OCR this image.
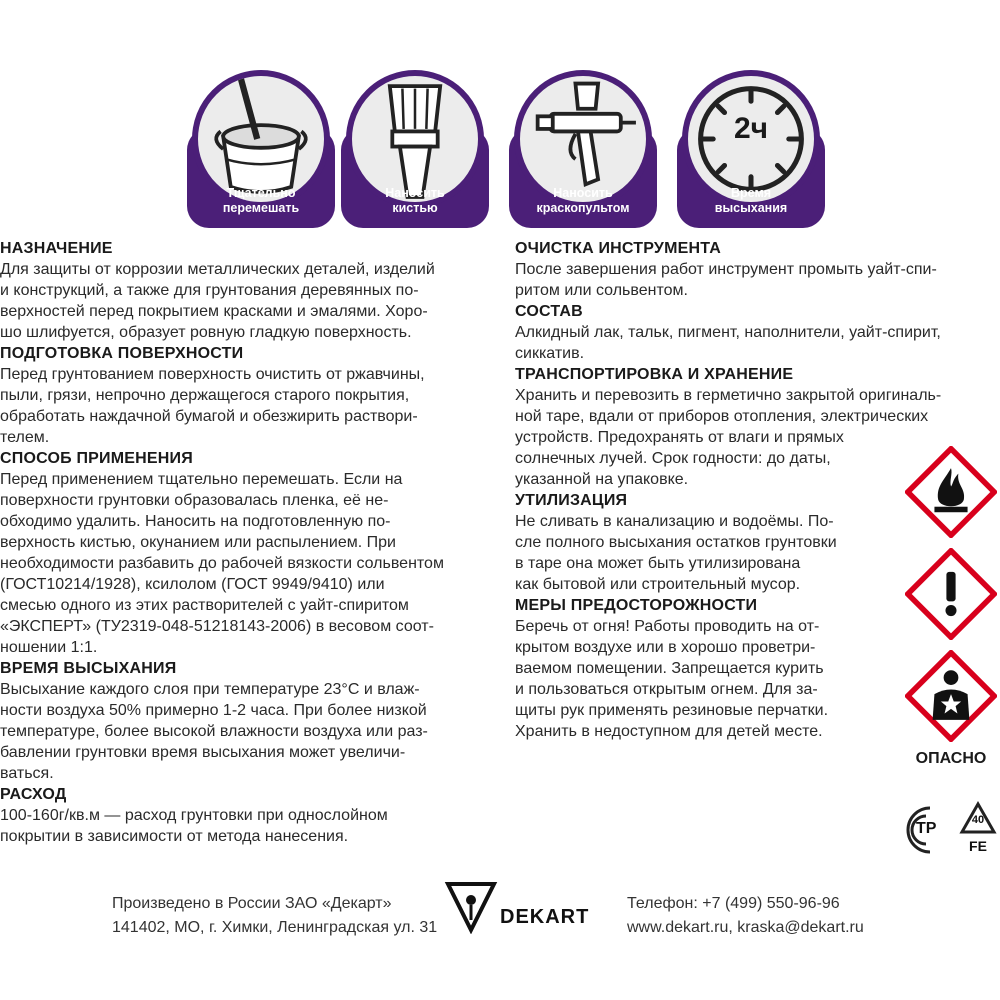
Тщательно
перемешать
Наносить
кистью
Наносить
краскопультом
2ч
Время
высыхания
НАЗНАЧЕНИЕ

Для защиты от коррозии металлических деталей, изделий
и конструкций, а также для грунтования деревянных по-
верхностей перед покрытием красками и эмалями. Хоро-
шо шлифуется, образует ровную гладкую поверхность.

ПОДГОТОВКА ПОВЕРХНОСТИ

Перед грунтованием поверхность очистить от ржавчины,
пыли, грязи, непрочно держащегося старого покрытия,
обработать наждачной бумагой и обезжирить раствори-
телем.

СПОСОБ ПРИМЕНЕНИЯ

Перед применением тщательно перемешать. Если на
поверхности грунтовки образовалась пленка, её не-
обходимо удалить. Наносить на подготовленную по-
верхность кистью, окунанием или распылением. При
необходимости разбавить до рабочей вязкости сольвентом
(ГОСТ10214/1928), ксилолом (ГОСТ 9949/9410) или
смесью одного из этих растворителей с уайт-спиритом
«ЭКСПЕРТ» (ТУ2319-048-51218143-2006) в весовом соот-
ношении 1:1.

ВРЕМЯ ВЫСЫХАНИЯ

Высыхание каждого слоя при температуре 23°С и влаж-
ности воздуха 50% примерно 1-2 часа. При более низкой
температуре, более высокой влажности воздуха или раз-
бавлении грунтовки время высыхания может увеличи-
ваться.

РАСХОД

100-160г/кв.м — расход грунтовки при однослойном
покрытии в зависимости от метода нанесения.

ОЧИСТКА ИНСТРУМЕНТА

После завершения работ инструмент промыть уайт-спи-
ритом или сольвентом.

СОСТАВ

Алкидный лак, тальк, пигмент, наполнители, уайт-спирит,
сиккатив.

ТРАНСПОРТИРОВКА И ХРАНЕНИЕ

Хранить и перевозить в герметично закрытой оригиналь-
ной таре, вдали от приборов отопления, электрических
устройств. Предохранять от влаги и прямых
солнечных лучей. Срок годности: до даты,
указанной на упаковке.

УТИЛИЗАЦИЯ

Не сливать в канализацию и водоёмы. По-
сле полного высыхания остатков грунтовки
в таре она может быть утилизирована
как бытовой или строительный мусор.

МЕРЫ ПРЕДОСТОРОЖНОСТИ

Беречь от огня! Работы проводить на от-
крытом воздухе или в хорошо проветри-
ваемом помещении. Запрещается курить
и пользоваться открытым огнем. Для за-
щиты рук применять резиновые перчатки.
Хранить в недоступном для детей месте.

ОПАСНО
ТР	40
FE
Произведено в России ЗАО «Декарт»
141402, МО, г. Химки, Ленинградская ул. 31	DEKART
Телефон: +7 (499) 550-96-96
www.dekart.ru, kraska@dekart.ru
